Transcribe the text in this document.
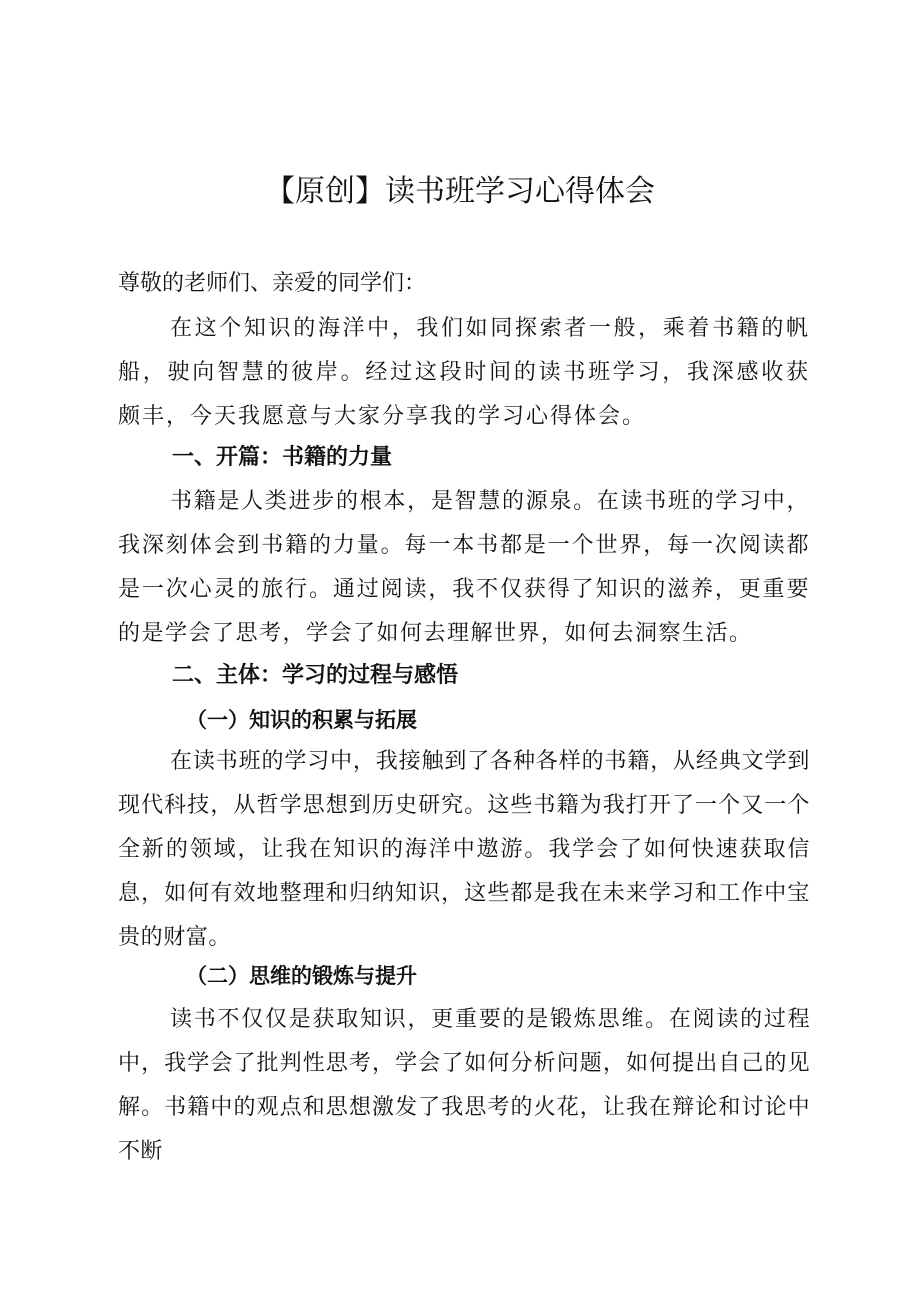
【原创】读书班学习心得体会

尊敬的老师们、亲爱的同学们：

在这个知识的海洋中，我们如同探索者一般，乘着书籍的帆船，驶向智慧的彼岸。经过这段时间的读书班学习，我深感收获颇丰，今天我愿意与大家分享我的学习心得体会。

一、开篇：书籍的力量

书籍是人类进步的根本，是智慧的源泉。在读书班的学习中，我深刻体会到书籍的力量。每一本书都是一个世界，每一次阅读都是一次心灵的旅行。通过阅读，我不仅获得了知识的滋养，更重要的是学会了思考，学会了如何去理解世界，如何去洞察生活。

二、主体：学习的过程与感悟
（一）知识的积累与拓展

在读书班的学习中，我接触到了各种各样的书籍，从经典文学到现代科技，从哲学思想到历史研究。这些书籍为我打开了一个又一个全新的领域，让我在知识的海洋中遨游。我学会了如何快速获取信息，如何有效地整理和归纳知识，这些都是我在未来学习和工作中宝贵的财富。

（二）思维的锻炼与提升

读书不仅仅是获取知识，更重要的是锻炼思维。在阅读的过程中，我学会了批判性思考，学会了如何分析问题，如何提出自己的见解。书籍中的观点和思想激发了我思考的火花，让我在辩论和讨论中不断
